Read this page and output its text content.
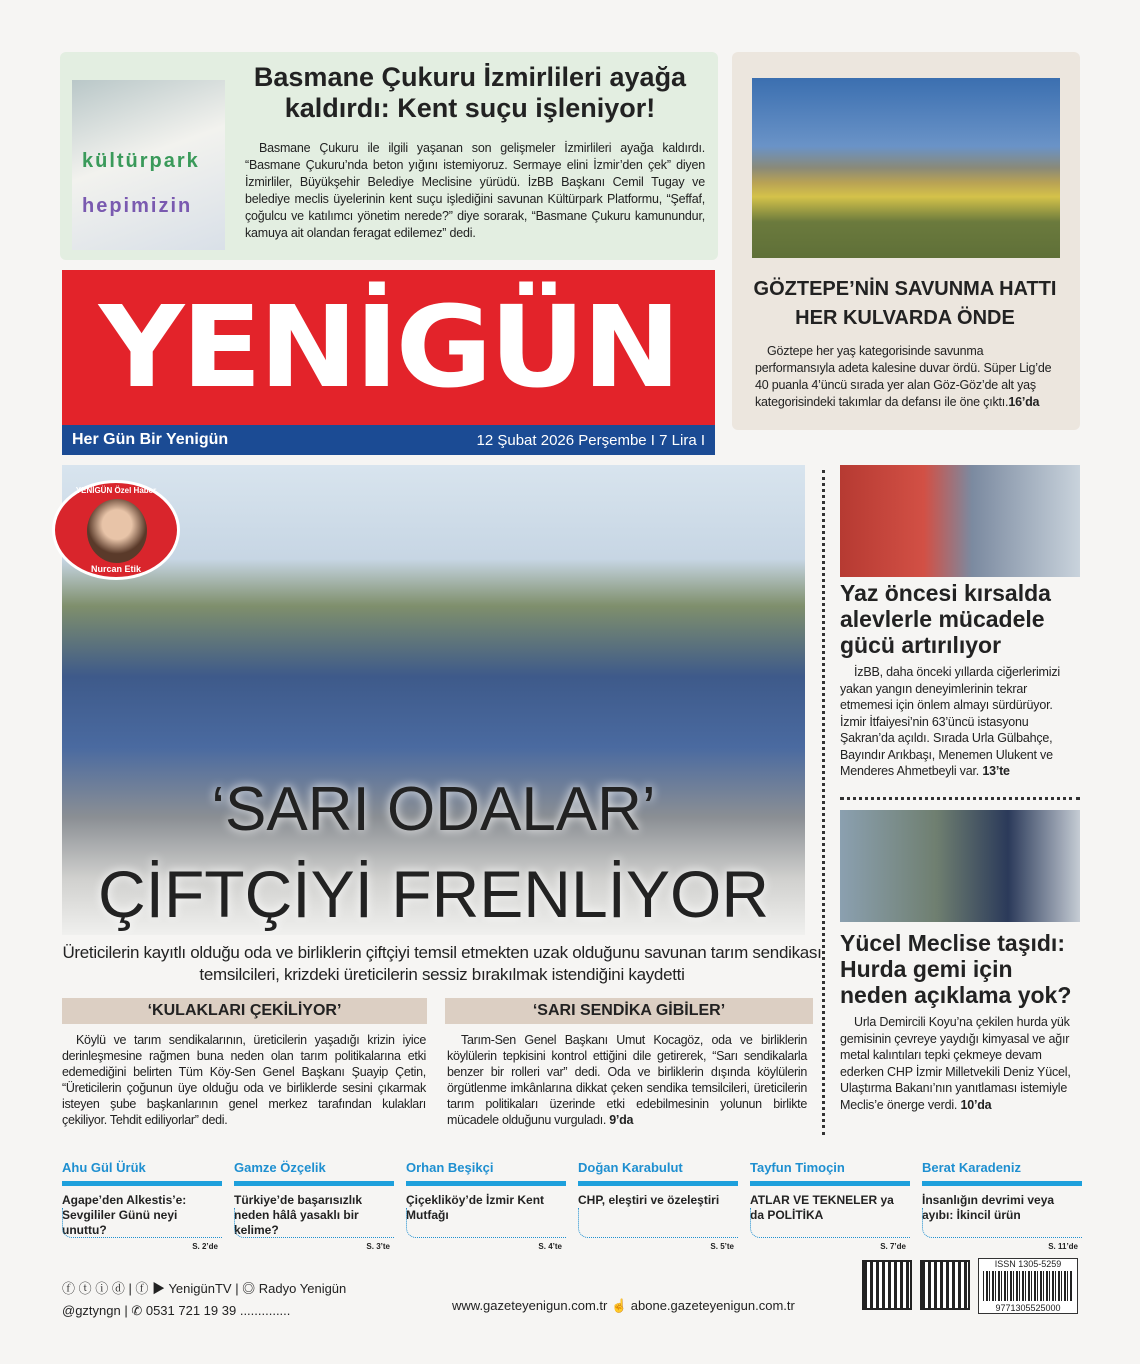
kültürpark
hepimizin
Basmane Çukuru İzmirlileri ayağa kaldırdı: Kent suçu işleniyor!
Basmane Çukuru ile ilgili yaşanan son gelişmeler İzmirlileri ayağa kaldırdı. “Basmane Çukuru’nda beton yığını istemiyoruz. Sermaye elini İzmir’den çek” diyen İzmirliler, Büyükşehir Belediye Meclisine yürüdü. İzBB Başkanı Cemil Tugay ve belediye meclis üyelerinin kent suçu işlediğini savunan Kültürpark Platformu, “Şeffaf, çoğulcu ve katılımcı yönetim nerede?” diye sorarak, “Basmane Çukuru kamunundur, kamuya ait olandan feragat edilemez” dedi.
GÖZTEPE’NİN SAVUNMA HATTI HER KULVARDA ÖNDE
Göztepe her yaş kategorisinde savunma performansıyla adeta kalesine duvar ördü. Süper Lig’de 40 puanla 4’üncü sırada yer alan Göz-Göz’de alt yaş kategorisindeki takımlar da defansı ile öne çıktı.16’da
YENİGÜN
Her Gün Bir Yenigün	12 Şubat 2026 Perşembe I 7 Lira I
YENİGÜN Özel Haber
Nurcan Etik
‘SARI ODALAR’
ÇİFTÇİYİ FRENLİYOR
Üreticilerin kayıtlı olduğu oda ve birliklerin çiftçiyi temsil etmekten uzak olduğunu savunan tarım sendikası temsilcileri, krizdeki üreticilerin sessiz bırakılmak istendiğini kaydetti
‘KULAKLARI ÇEKİLİYOR’	‘SARI SENDİKA GİBİLER’
Köylü ve tarım sendikalarının, üreticilerin yaşadığı krizin iyice derinleşmesine rağmen buna neden olan tarım politikalarına etki edemediğini belirten Tüm Köy-Sen Genel Başkanı Şuayip Çetin, “Üreticilerin çoğunun üye olduğu oda ve birliklerde sesini çıkarmak isteyen şube başkanlarının genel merkez tarafından kulakları çekiliyor. Tehdit ediliyorlar” dedi.
Tarım-Sen Genel Başkanı Umut Kocagöz, oda ve birliklerin köylülerin tepkisini kontrol ettiğini dile getirerek, “Sarı sendikalarla benzer bir rolleri var” dedi. Oda ve birliklerin dışında köylülerin örgütlenme imkânlarına dikkat çeken sendika temsilcileri, üreticilerin tarım politikaları üzerinde etki edebilmesinin yolunun birlikte mücadele olduğunu vurguladı. 9’da
Yaz öncesi kırsalda alevlerle mücadele gücü artırılıyor
İzBB, daha önceki yıllarda ciğerlerimizi yakan yangın deneyimlerinin tekrar etmemesi için önlem almayı sürdürüyor. İzmir İtfaiyesi’nin 63’üncü istasyonu Şakran’da açıldı. Sırada Urla Gülbahçe, Bayındır Arıkbaşı, Menemen Ulukent ve Menderes Ahmetbeyli var. 13’te
Yücel Meclise taşıdı: Hurda gemi için neden açıklama yok?
Urla Demircili Koyu’na çekilen hurda yük gemisinin çevreye yaydığı kimyasal ve ağır metal kalıntıları tepki çekmeye devam ederken CHP İzmir Milletvekili Deniz Yücel, Ulaştırma Bakanı’nın yanıtlaması istemiyle Meclis’e önerge verdi. 10’da
Ahu Gül Ürük
Agape’den Alkestis’e: Sevgililer Günü neyi unuttu?
S. 2’de
Gamze Özçelik
Türkiye’de başarısızlık neden hâlâ yasaklı bir kelime?
S. 3’te
Orhan Beşikçi
Çiçekliköy’de İzmir Kent Mutfağı
S. 4’te
Doğan Karabulut
CHP, eleştiri ve özeleştiri
S. 5’te
Tayfun Timoçin
ATLAR VE TEKNELER ya da POLİTİKA
S. 7’de
Berat Karadeniz
İnsanlığın devrimi veya ayıbı: İkincil ürün
S. 11’de
ⓕ ⓣ ⓘ ⓓ | ⓕ ▶ YenigünTV | ◎ Radyo Yenigün
@gztyngn | ✆ 0531 721 19 39 ..............	www.gazeteyenigun.com.tr ☝ abone.gazeteyenigun.com.tr
ISSN 1305-5259
9771305525000
